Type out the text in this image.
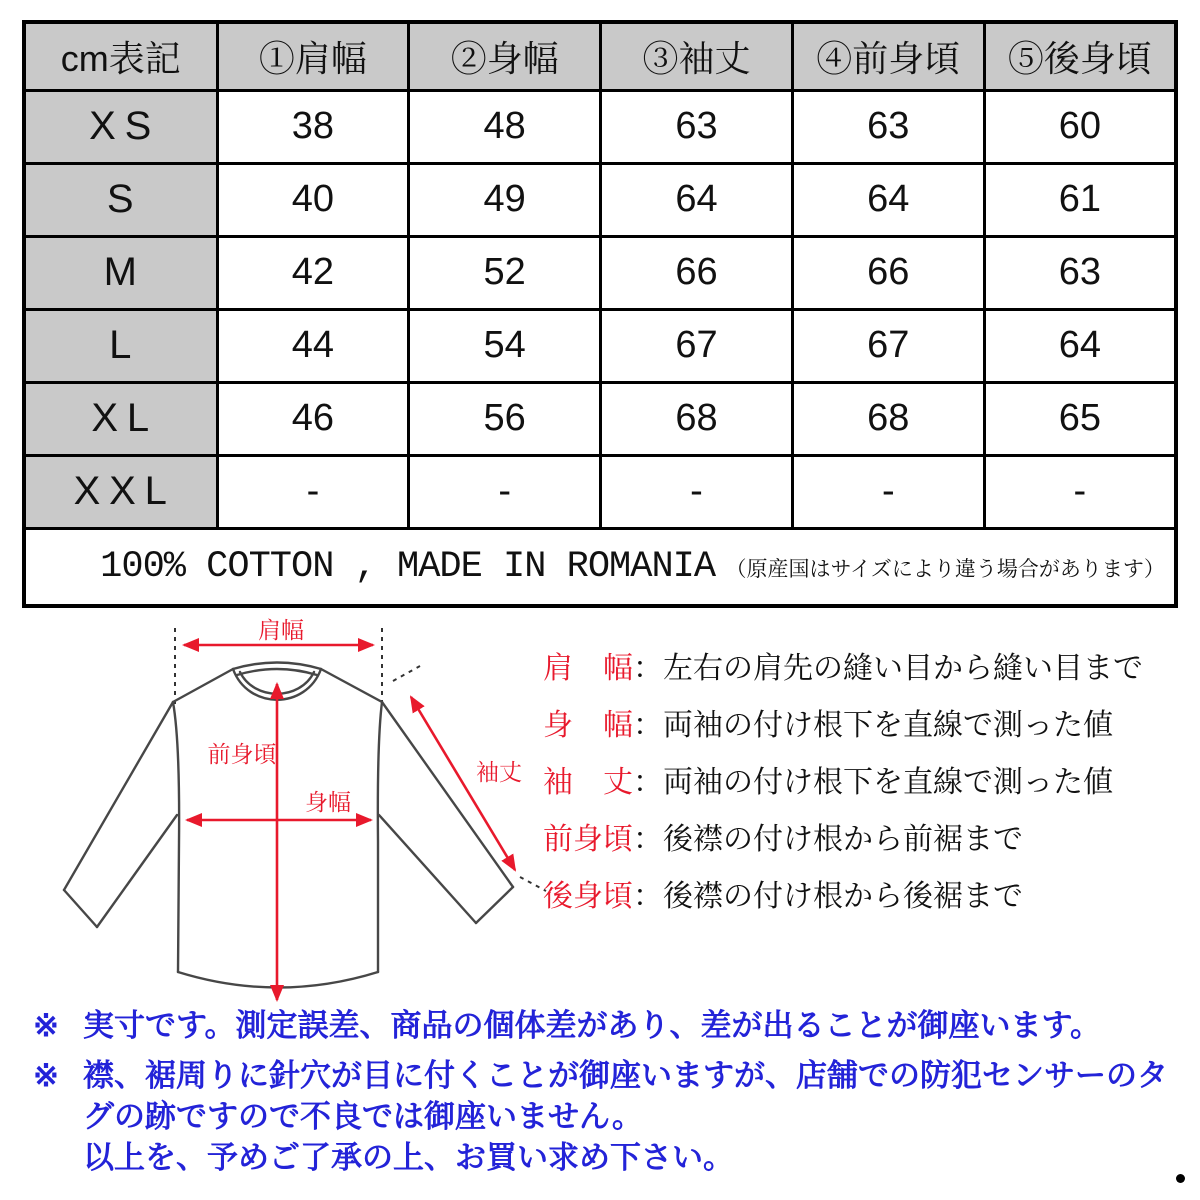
cm表記	①肩幅	②身幅	③袖丈	④前身頃	⑤後身頃
XS	38	48	63	63	60
S	40	49	64	64	61
M	42	52	66	66	63
L	44	54	67	67	64
XL	46	56	68	68	65
XXL	-	-	-	-	-
100% COTTON , MADE IN ROMANIA （原産国はサイズにより違う場合があります）					
肩幅
前身頃
身幅
袖丈
肩　幅：左右の肩先の縫い目から縫い目まで
身　幅：両袖の付け根下を直線で測った値
袖　丈：両袖の付け根下を直線で測った値
前身頃：後襟の付け根から前裾まで
後身頃：後襟の付け根から後裾まで
※ 実寸です。測定誤差、商品の個体差があり、差が出ることが御座います。
※ 襟、裾周りに針穴が目に付くことが御座いますが、店舗での防犯センサーのタ
グの跡ですので不良では御座いません。
以上を、予めご了承の上、お買い求め下さい。
